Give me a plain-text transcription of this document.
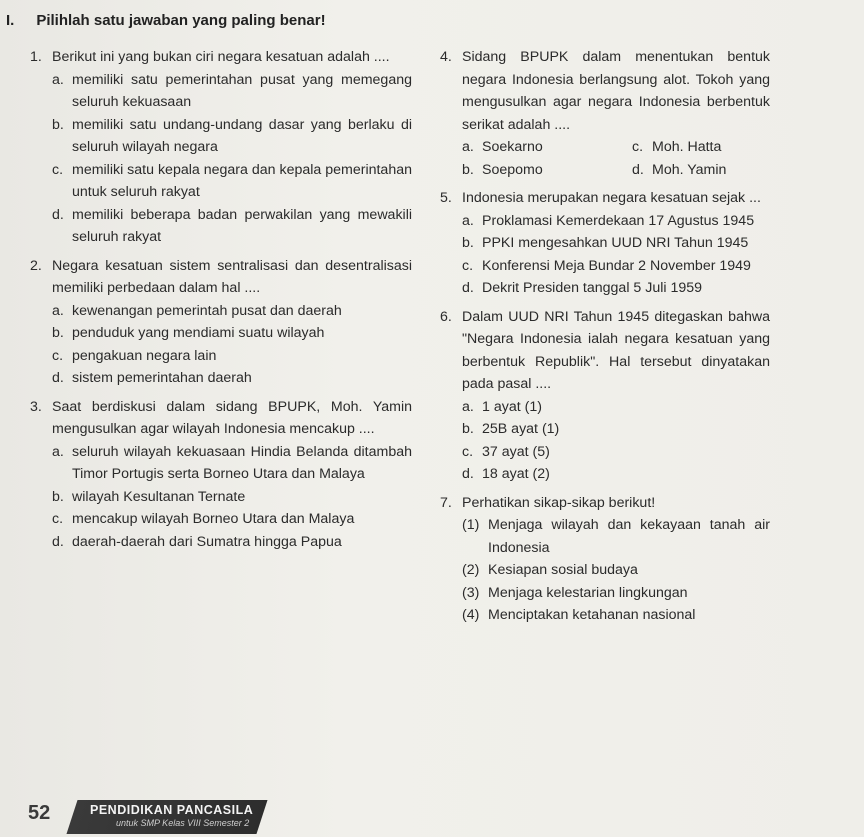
I. Pilihlah satu jawaban yang paling benar!
1. Berikut ini yang bukan ciri negara kesatuan adalah ....
a. memiliki satu pemerintahan pusat yang memegang seluruh kekuasaan
b. memiliki satu undang-undang dasar yang berlaku di seluruh wilayah negara
c. memiliki satu kepala negara dan kepala pemerintahan untuk seluruh rakyat
d. memiliki beberapa badan perwakilan yang mewakili seluruh rakyat
2. Negara kesatuan sistem sentralisasi dan desentralisasi memiliki perbedaan dalam hal ....
a. kewenangan pemerintah pusat dan daerah
b. penduduk yang mendiami suatu wilayah
c. pengakuan negara lain
d. sistem pemerintahan daerah
3. Saat berdiskusi dalam sidang BPUPK, Moh. Yamin mengusulkan agar wilayah Indonesia mencakup ....
a. seluruh wilayah kekuasaan Hindia Belanda ditambah Timor Portugis serta Borneo Utara dan Malaya
b. wilayah Kesultanan Ternate
c. mencakup wilayah Borneo Utara dan Malaya
d. daerah-daerah dari Sumatra hingga Papua
4. Sidang BPUPK dalam menentukan bentuk negara Indonesia berlangsung alot. Tokoh yang mengusulkan agar negara Indonesia berbentuk serikat adalah ....
a. Soekarno	c. Moh. Hatta
b. Soepomo	d. Moh. Yamin
5. Indonesia merupakan negara kesatuan sejak ...
a. Proklamasi Kemerdekaan 17 Agustus 1945
b. PPKI mengesahkan UUD NRI Tahun 1945
c. Konferensi Meja Bundar 2 November 1949
d. Dekrit Presiden tanggal 5 Juli 1959
6. Dalam UUD NRI Tahun 1945 ditegaskan bahwa "Negara Indonesia ialah negara kesatuan yang berbentuk Republik". Hal tersebut dinyatakan pada pasal ....
a. 1 ayat (1)
b. 25B ayat (1)
c. 37 ayat (5)
d. 18 ayat (2)
7. Perhatikan sikap-sikap berikut!
(1) Menjaga wilayah dan kekayaan tanah air Indonesia
(2) Kesiapan sosial budaya
(3) Menjaga kelestarian lingkungan
(4) Menciptakan ketahanan nasional
52	PENDIDIKAN PANCASILA
untuk SMP Kelas VIII Semester 2
